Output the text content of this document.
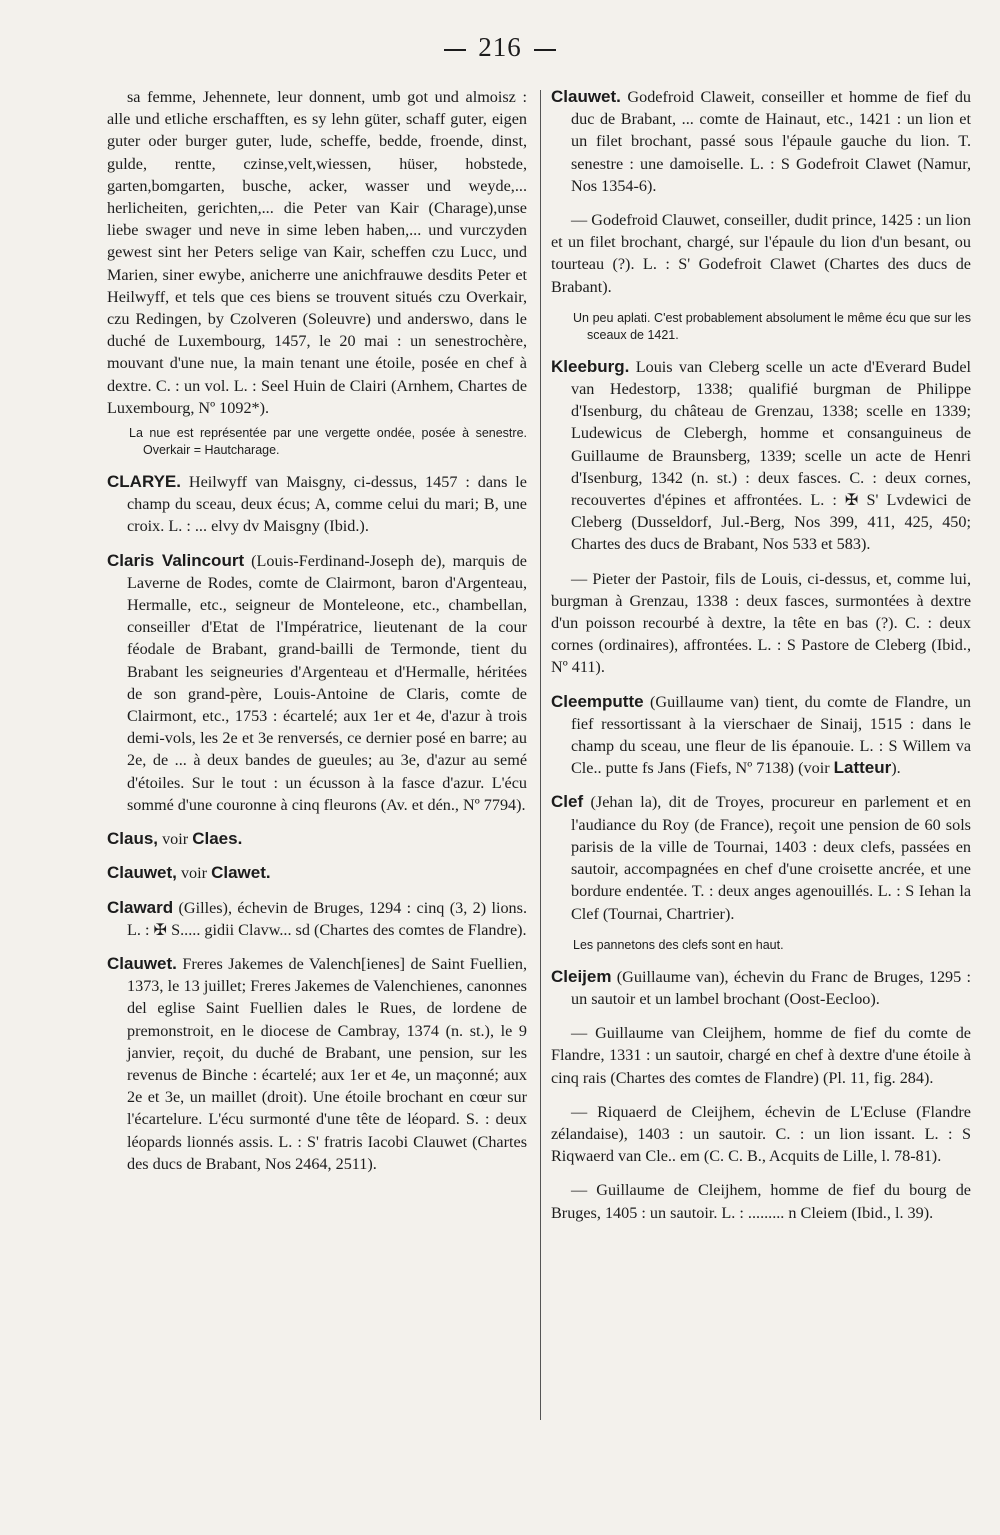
216

sa femme, Jehennete, leur donnent, umb got und almoisz : alle und etliche erschafften, es sy lehn güter, schaff guter, eigen guter oder burger guter, lude, scheffe, bedde, froende, dinst, gulde, rentte, czinse,velt,wiessen, hüser, hobstede, garten,bomgarten, busche, acker, wasser und weyde,... herlicheiten, gerichten,... die Peter van Kair (Charage),unse liebe swager und neve in sime leben haben,... und vurczyden gewest sint her Peters selige van Kair, scheffen czu Lucc, und Marien, siner ewybe, anicherre une anichfrauwe desdits Peter et Heilwyff, et tels que ces biens se trouvent situés czu Overkair, czu Redingen, by Czolveren (Soleuvre) und anderswo, dans le duché de Luxembourg, 1457, le 20 mai : un senestrochère, mouvant d'une nue, la main tenant une étoile, posée en chef à dextre. C. : un vol. L. : Seel Huin de Clairi (Arnhem, Chartes de Luxembourg, Nº 1092*).

La nue est représentée par une vergette ondée, posée à senestre. Overkair = Hautcharage.

CLARYE. Heilwyff van Maisgny, ci-dessus, 1457 : dans le champ du sceau, deux écus; A, comme celui du mari; B, une croix. L. : ... elvy dv Maisgny (Ibid.).

Claris Valincourt (Louis-Ferdinand-Joseph de), marquis de Laverne de Rodes, comte de Clairmont, baron d'Argenteau, Hermalle, etc., seigneur de Monteleone, etc., chambellan, conseiller d'Etat de l'Impératrice, lieutenant de la cour féodale de Brabant, grand-bailli de Termonde, tient du Brabant les seigneuries d'Argenteau et d'Hermalle, héritées de son grand-père, Louis-Antoine de Claris, comte de Clairmont, etc., 1753 : écartelé; aux 1er et 4e, d'azur à trois demi-vols, les 2e et 3e renversés, ce dernier posé en barre; au 2e, de ... à deux bandes de gueules; au 3e, d'azur au semé d'étoiles. Sur le tout : un écusson à la fasce d'azur. L'écu sommé d'une couronne à cinq fleurons (Av. et dén., Nº 7794).

Claus, voir Claes.

Clauwet, voir Clawet.

Claward (Gilles), échevin de Bruges, 1294 : cinq (3, 2) lions. L. : ✠ S..... gidii Clavw... sd (Chartes des comtes de Flandre).

Clauwet. Freres Jakemes de Valench[ienes] de Saint Fuellien, 1373, le 13 juillet; Freres Jakemes de Valenchienes, canonnes del eglise Saint Fuellien dales le Rues, de lordene de premonstroit, en le diocese de Cambray, 1374 (n. st.), le 9 janvier, reçoit, du duché de Brabant, une pension, sur les revenus de Binche : écartelé; aux 1er et 4e, un maçonné; aux 2e et 3e, un maillet (droit). Une étoile brochant en cœur sur l'écartelure. L'écu surmonté d'une tête de léopard. S. : deux léopards lionnés assis. L. : S' fratris Iacobi Clauwet (Chartes des ducs de Brabant, Nos 2464, 2511).

Clauwet. Godefroid Claweit, conseiller et homme de fief du duc de Brabant, ... comte de Hainaut, etc., 1421 : un lion et un filet brochant, passé sous l'épaule gauche du lion. T. senestre : une damoiselle. L. : S Godefroit Clawet (Namur, Nos 1354-6).

— Godefroid Clauwet, conseiller, dudit prince, 1425 : un lion et un filet brochant, chargé, sur l'épaule du lion d'un besant, ou tourteau (?). L. : S' Godefroit Clawet (Chartes des ducs de Brabant).

Un peu aplati. C'est probablement absolument le même écu que sur les sceaux de 1421.

Kleeburg. Louis van Cleberg scelle un acte d'Everard Budel van Hedestorp, 1338; qualifié burgman de Philippe d'Isenburg, du château de Grenzau, 1338; scelle en 1339; Ludewicus de Clebergh, homme et consanguineus de Guillaume de Braunsberg, 1339; scelle un acte de Henri d'Isenburg, 1342 (n. st.) : deux fasces. C. : deux cornes, recouvertes d'épines et affrontées. L. : ✠ S' Lvdewici de Cleberg (Dusseldorf, Jul.-Berg, Nos 399, 411, 425, 450; Chartes des ducs de Brabant, Nos 533 et 583).

— Pieter der Pastoir, fils de Louis, ci-dessus, et, comme lui, burgman à Grenzau, 1338 : deux fasces, surmontées à dextre d'un poisson recourbé à dextre, la tête en bas (?). C. : deux cornes (ordinaires), affrontées. L. : S Pastore de Cleberg (Ibid., Nº 411).

Cleemputte (Guillaume van) tient, du comte de Flandre, un fief ressortissant à la vierschaer de Sinaij, 1515 : dans le champ du sceau, une fleur de lis épanouie. L. : S Willem va Cle.. putte fs Jans (Fiefs, Nº 7138) (voir Latteur).

Clef (Jehan la), dit de Troyes, procureur en parlement et en l'audiance du Roy (de France), reçoit une pension de 60 sols parisis de la ville de Tournai, 1403 : deux clefs, passées en sautoir, accompagnées en chef d'une croisette ancrée, et une bordure endentée. T. : deux anges agenouillés. L. : S Iehan la Clef (Tournai, Chartrier).

Les pannetons des clefs sont en haut.

Cleijem (Guillaume van), échevin du Franc de Bruges, 1295 : un sautoir et un lambel brochant (Oost-Eecloo).

— Guillaume van Cleijhem, homme de fief du comte de Flandre, 1331 : un sautoir, chargé en chef à dextre d'une étoile à cinq rais (Chartes des comtes de Flandre) (Pl. 11, fig. 284).

— Riquaerd de Cleijhem, échevin de L'Ecluse (Flandre zélandaise), 1403 : un sautoir. C. : un lion issant. L. : S Riqwaerd van Cle.. em (C. C. B., Acquits de Lille, l. 78-81).

— Guillaume de Cleijhem, homme de fief du bourg de Bruges, 1405 : un sautoir. L. : ......... n Cleiem (Ibid., l. 39).
